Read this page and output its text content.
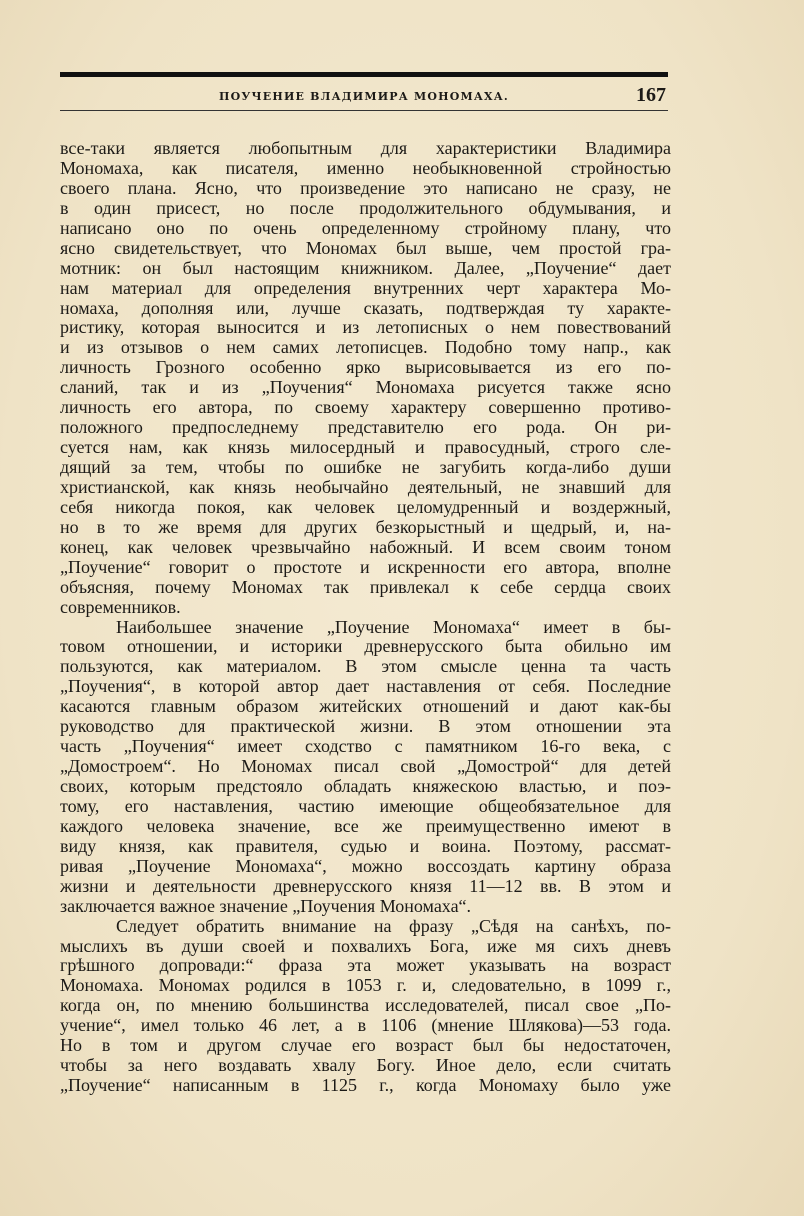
ПОУЧЕНИЕ ВЛАДИМИРА МОНОМАХА.	167
все-таки является любопытным для характеристики Владимира
Мономаха, как писателя, именно необыкновенной стройностью
своего плана. Ясно, что произведение это написано не сразу, не
в один присест, но после продолжительного обдумывания, и
написано оно по очень определенному стройному плану, что
ясно свидетельствует, что Мономах был выше, чем простой гра-
мотник: он был настоящим книжником. Далее, „Поучение“ дает
нам материал для определения внутренних черт характера Мо-
номаха, дополняя или, лучше сказать, подтверждая ту характе-
ристику, которая выносится и из летописных о нем повествований
и из отзывов о нем самих летописцев. Подобно тому напр., как
личность Грозного особенно ярко вырисовывается из его по-
сланий, так и из „Поучения“ Мономаха рисуется также ясно
личность его автора, по своему характеру совершенно противо-
положного предпоследнему представителю его рода. Он ри-
суется нам, как князь милосердный и правосудный, строго сле-
дящий за тем, чтобы по ошибке не загубить когда-либо души
христианской, как князь необычайно деятельный, не знавший для
себя никогда покоя, как человек целомудренный и воздержный,
но в то же время для других безкорыстный и щедрый, и, на-
конец, как человек чрезвычайно набожный. И всем своим тоном
„Поучение“ говорит о простоте и искренности его автора, вполне
объясняя, почему Мономах так привлекал к себе сердца своих
современников.
Наибольшее значение „Поучение Мономаха“ имеет в бы-
товом отношении, и историки древнерусского быта обильно им
пользуются, как материалом. В этом смысле ценна та часть
„Поучения“, в которой автор дает наставления от себя. Последние
касаются главным образом житейских отношений и дают как-бы
руководство для практической жизни. В этом отношении эта
часть „Поучения“ имеет сходство с памятником 16-го века, с
„Домостроем“. Но Мономах писал свой „Домострой“ для детей
своих, которым предстояло обладать княжескою властью, и поэ-
тому, его наставления, частию имеющие общеобязательное для
каждого человека значение, все же преимущественно имеют в
виду князя, как правителя, судью и воина. Поэтому, рассмат-
ривая „Поучение Мономаха“, можно воссоздать картину образа
жизни и деятельности древнерусского князя 11—12 вв. В этом и
заключается важное значение „Поучения Мономаха“.
Следует обратить внимание на фразу „Сѣдя на санѣхъ, по-
мыслихъ въ души своей и похвалихъ Бога, иже мя сихъ дневъ
грѣшного допровади:“ фраза эта может указывать на возраст
Мономаха. Мономах родился в 1053 г. и, следовательно, в 1099 г.,
когда он, по мнению большинства исследователей, писал свое „По-
учение“, имел только 46 лет, а в 1106 (мнение Шлякова)—53 года.
Но в том и другом случае его возраст был бы недостаточен,
чтобы за него воздавать хвалу Богу. Иное дело, если считать
„Поучение“ написанным в 1125 г., когда Мономаху было уже
